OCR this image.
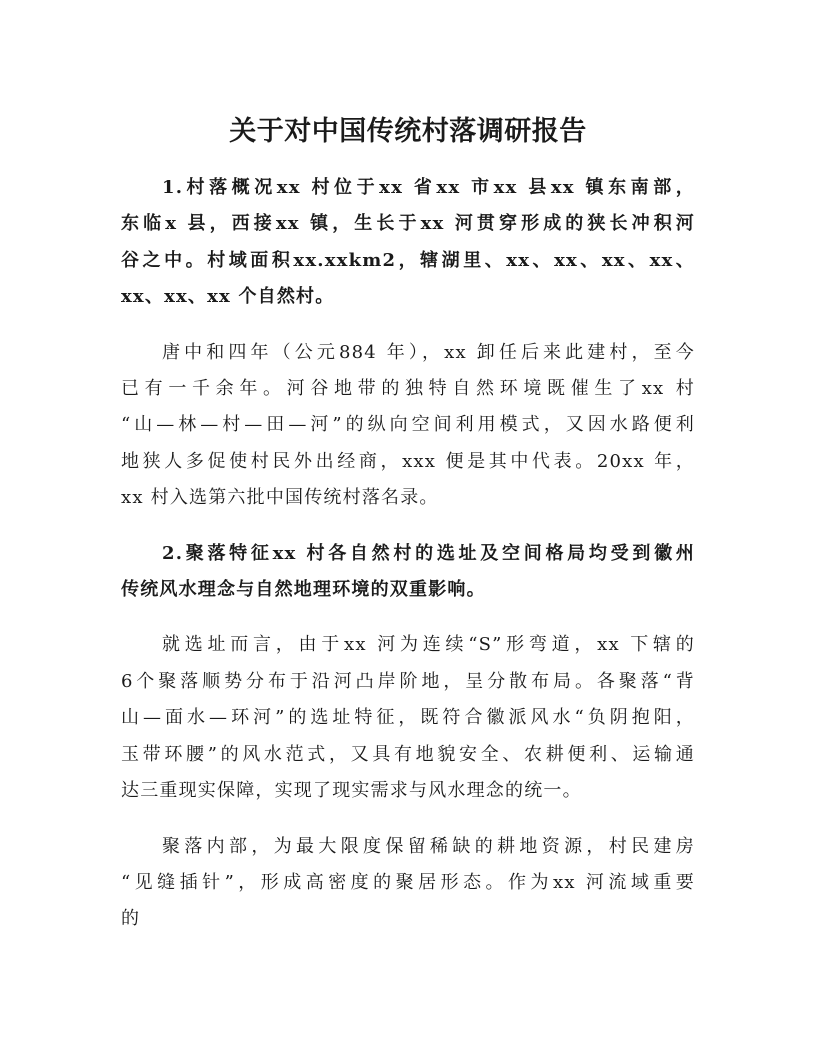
关于对中国传统村落调研报告

1.村落概况xx 村位于xx 省xx 市xx 县xx 镇东南部，
东临x 县，西接xx 镇，生长于xx 河贯穿形成的狭长冲积河
谷之中。村域面积xx.xxkm2，辖湖里、xx、xx、xx、xx、
xx、xx、xx 个自然村。

唐中和四年（公元884 年），xx 卸任后来此建村，至今
已有一千余年。河谷地带的独特自然环境既催生了xx 村
“山—林—村—田—河”的纵向空间利用模式，又因水路便利
地狭人多促使村民外出经商，xxx 便是其中代表。20xx 年，
xx 村入选第六批中国传统村落名录。

2.聚落特征xx 村各自然村的选址及空间格局均受到徽州
传统风水理念与自然地理环境的双重影响。

就选址而言，由于xx 河为连续“S”形弯道，xx 下辖的
6个聚落顺势分布于沿河凸岸阶地，呈分散布局。各聚落“背
山—面水—环河”的选址特征，既符合徽派风水“负阴抱阳，
玉带环腰”的风水范式，又具有地貌安全、农耕便利、运输通
达三重现实保障，实现了现实需求与风水理念的统一。

聚落内部，为最大限度保留稀缺的耕地资源，村民建房
“见缝插针”，形成高密度的聚居形态。作为xx 河流域重要
的
